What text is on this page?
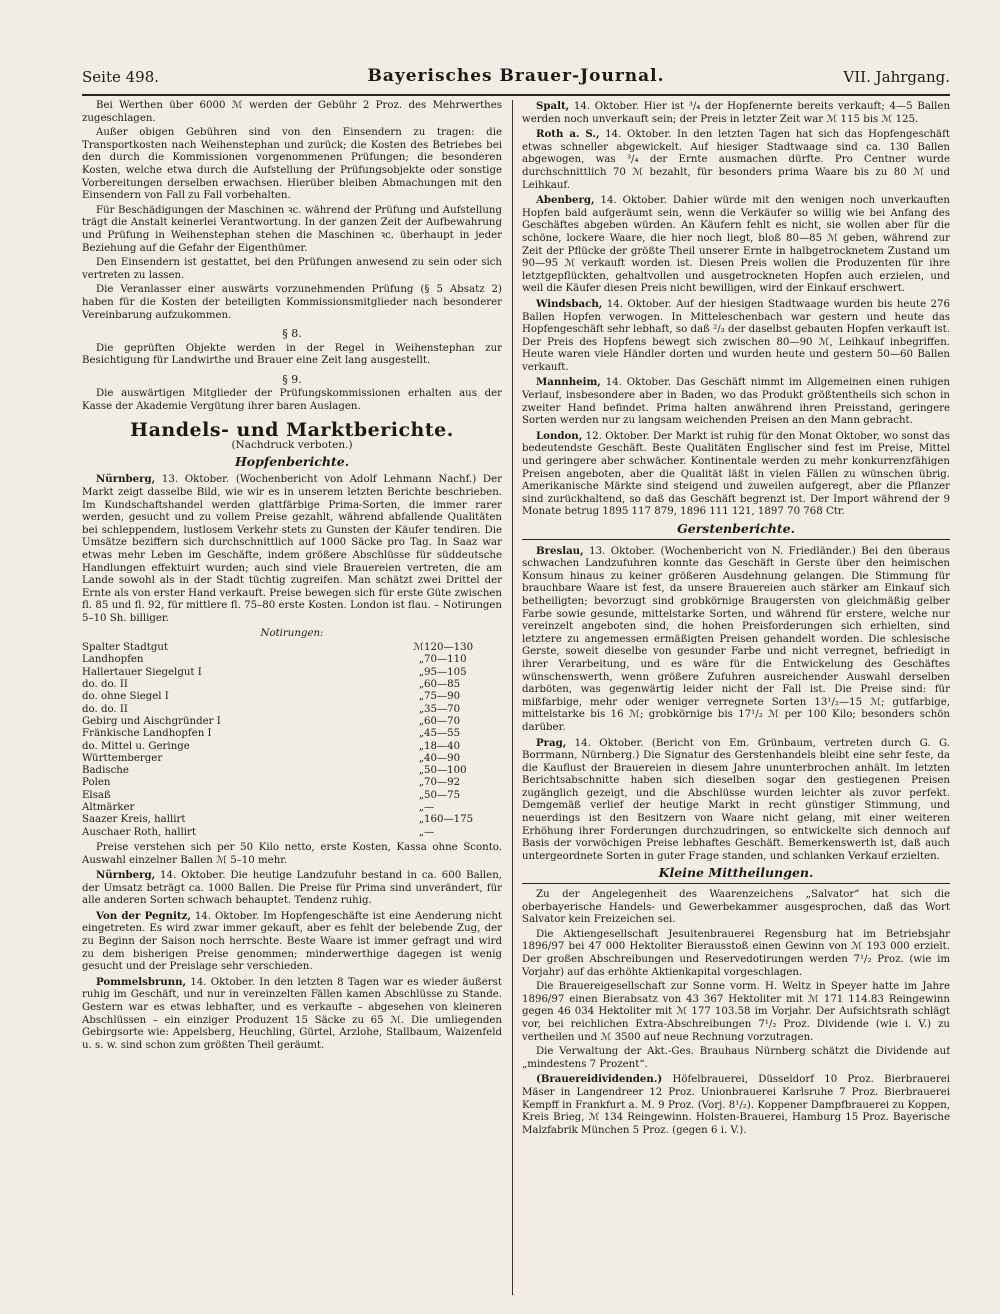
Seite 498.	Bayerisches Brauer-Journal.	VII. Jahrgang.

Bei Werthen über 6000 ℳ werden der Gebühr 2 Proz. des Mehrwerthes zugeschlagen.

Außer obigen Gebühren sind von den Einsendern zu tragen: die Transportkosten nach Weihenstephan und zurück; die Kosten des Betriebes bei den durch die Kommissionen vorgenommenen Prüfungen; die besonderen Kosten, welche etwa durch die Aufstellung der Prüfungsobjekte oder sonstige Vorbereitungen derselben erwachsen. Hierüber bleiben Abmachungen mit den Einsendern von Fall zu Fall vorbehalten.

Für Beschädigungen der Maschinen ꝛc. während der Prüfung und Aufstellung trägt die Anstalt keinerlei Verantwortung. In der ganzen Zeit der Aufbewahrung und Prüfung in Weihenstephan stehen die Maschinen ꝛc. überhaupt in jeder Beziehung auf die Gefahr der Eigenthümer.

Den Einsendern ist gestattet, bei den Prüfungen anwesend zu sein oder sich vertreten zu lassen.

Die Veranlasser einer auswärts vorzunehmenden Prüfung (§ 5 Absatz 2) haben für die Kosten der beteiligten Kommissionsmitglieder nach besonderer Vereinbarung aufzukommen.

§ 8.

Die geprüften Objekte werden in der Regel in Weihenstephan zur Besichtigung für Landwirthe und Brauer eine Zeit lang ausgestellt.

§ 9.

Die auswärtigen Mitglieder der Prüfungskommissionen erhalten aus der Kasse der Akademie Vergütung ihrer baren Auslagen.

Handels- und Marktberichte.
(Nachdruck verboten.)
Hopfenberichte.

Nürnberg, 13. Oktober. (Wochenbericht von Adolf Lehmann Nachf.) Der Markt zeigt dasselbe Bild, wie wir es in unserem letzten Berichte beschrieben. Im Kundschaftshandel werden glattfärbige Prima-Sorten, die immer rarer werden, gesucht und zu vollem Preise gezahlt, während abfallende Qualitäten bei schleppendem, lustlosem Verkehr stets zu Gunsten der Käufer tendiren. Die Umsätze beziffern sich durchschnittlich auf 1000 Säcke pro Tag. In Saaz war etwas mehr Leben im Geschäfte, indem größere Abschlüsse für süddeutsche Handlungen effektuirt wurden; auch sind viele Brauereien vertreten, die am Lande sowohl als in der Stadt tüchtig zugreifen. Man schätzt zwei Drittel der Ernte als von erster Hand verkauft. Preise bewegen sich für erste Güte zwischen fl. 85 und fl. 92, für mittlere fl. 75–80 erste Kosten. London ist flau. – Notirungen 5–10 Sh. billiger.

Notirungen:
Spalter Stadtgut	ℳ	120—130
Landhopfen	„	70—110
Hallertauer Siegelgut I	„	95—105
do. do. II	„	60—85
do. ohne Siegel I	„	75—90
do. do. II	„	35—70
Gebirg und Aischgründer I	„	60—70
Fränkische Landhopfen I	„	45—55
do. Mittel u. Geringe	„	18—40
Württemberger	„	40—90
Badische	„	50—100
Polen	„	70—92
Elsaß	„	50—75
Altmärker	„	—
Saazer Kreis, hallirt	„	160—175
Auschaer Roth, hallirt	„	—

Preise verstehen sich per 50 Kilo netto, erste Kosten, Kassa ohne Sconto. Auswahl einzelner Ballen ℳ 5–10 mehr.

Nürnberg, 14. Oktober. Die heutige Landzufuhr bestand in ca. 600 Ballen, der Umsatz beträgt ca. 1000 Ballen. Die Preise für Prima sind unverändert, für alle anderen Sorten schwach behauptet. Tendenz ruhig.

Von der Pegnitz, 14. Oktober. Im Hopfengeschäfte ist eine Aenderung nicht eingetreten. Es wird zwar immer gekauft, aber es fehlt der belebende Zug, der zu Beginn der Saison noch herrschte. Beste Waare ist immer gefragt und wird zu dem bisherigen Preise genommen; minderwerthige dagegen ist wenig gesucht und der Preislage sehr verschieden.

Pommelsbrunn, 14. Oktober. In den letzten 8 Tagen war es wieder äußerst ruhig im Geschäft, und nur in vereinzelten Fällen kamen Abschlüsse zu Stande. Gestern war es etwas lebhafter, und es verkaufte – abgesehen von kleineren Abschlüssen – ein einziger Produzent 15 Säcke zu 65 ℳ. Die umliegenden Gebirgsorte wie: Appelsberg, Heuchling, Gürtel, Arzlohe, Stallbaum, Waizenfeld u. s. w. sind schon zum größten Theil geräumt.

Spalt, 14. Oktober. Hier ist ³/₄ der Hopfenernte bereits verkauft; 4—5 Ballen werden noch unverkauft sein; der Preis in letzter Zeit war ℳ 115 bis ℳ 125.

Roth a. S., 14. Oktober. In den letzten Tagen hat sich das Hopfengeschäft etwas schneller abgewickelt. Auf hiesiger Stadtwaage sind ca. 130 Ballen abgewogen, was ³/₄ der Ernte ausmachen dürfte. Pro Centner wurde durchschnittlich 70 ℳ bezahlt, für besonders prima Waare bis zu 80 ℳ und Leihkauf.

Abenberg, 14. Oktober. Dahier würde mit den wenigen noch unverkauften Hopfen bald aufgeräumt sein, wenn die Verkäufer so willig wie bei Anfang des Geschäftes abgeben würden. An Käufern fehlt es nicht, sie wollen aber für die schöne, lockere Waare, die hier noch liegt, bloß 80—85 ℳ geben, während zur Zeit der Pflücke der größte Theil unserer Ernte in halbgetrocknetem Zustand um 90—95 ℳ verkauft worden ist. Diesen Preis wollen die Produzenten für ihre letztgepflückten, gehaltvollen und ausgetrockneten Hopfen auch erzielen, und weil die Käufer diesen Preis nicht bewilligen, wird der Einkauf erschwert.

Windsbach, 14. Oktober. Auf der hiesigen Stadtwaage wurden bis heute 276 Ballen Hopfen verwogen. In Mitteleschenbach war gestern und heute das Hopfengeschäft sehr lebhaft, so daß ²/₃ der daselbst gebauten Hopfen verkauft ist. Der Preis des Hopfens bewegt sich zwischen 80—90 ℳ, Leihkauf inbegriffen. Heute waren viele Händler dorten und wurden heute und gestern 50—60 Ballen verkauft.

Mannheim, 14. Oktober. Das Geschäft nimmt im Allgemeinen einen ruhigen Verlauf, insbesondere aber in Baden, wo das Produkt größtentheils sich schon in zweiter Hand befindet. Prima halten anwährend ihren Preisstand, geringere Sorten werden nur zu langsam weichenden Preisen an den Mann gebracht.

London, 12. Oktober. Der Markt ist ruhig für den Monat Oktober, wo sonst das bedeutendste Geschäft. Beste Qualitäten Englischer sind fest im Preise, Mittel und geringere aber schwächer. Kontinentale werden zu mehr konkurrenzfähigen Preisen angeboten, aber die Qualität läßt in vielen Fällen zu wünschen übrig. Amerikanische Märkte sind steigend und zuweilen aufgeregt, aber die Pflanzer sind zurückhaltend, so daß das Geschäft begrenzt ist. Der Import während der 9 Monate betrug 1895 117 879, 1896 111 121, 1897 70 768 Ctr.

Gerstenberichte.

Breslau, 13. Oktober. (Wochenbericht von N. Friedländer.) Bei den überaus schwachen Landzufuhren konnte das Geschäft in Gerste über den heimischen Konsum hinaus zu keiner größeren Ausdehnung gelangen. Die Stimmung für brauchbare Waare ist fest, da unsere Brauereien auch stärker am Einkauf sich betheiligten; bevorzugt sind grobkörnige Braugersten von gleichmäßig gelber Farbe sowie gesunde, mittelstarke Sorten, und während für erstere, welche nur vereinzelt angeboten sind, die hohen Preisforderungen sich erhielten, sind letztere zu angemessen ermäßigten Preisen gehandelt worden. Die schlesische Gerste, soweit dieselbe von gesunder Farbe und nicht verregnet, befriedigt in ihrer Verarbeitung, und es wäre für die Entwickelung des Geschäftes wünschenswerth, wenn größere Zufuhren ausreichender Auswahl derselben darböten, was gegenwärtig leider nicht der Fall ist. Die Preise sind: für mißfarbige, mehr oder weniger verregnete Sorten 13¹/₂—15 ℳ; gutfarbige, mittelstarke bis 16 ℳ; grobkörnige bis 17¹/₂ ℳ per 100 Kilo; besonders schön darüber.

Prag, 14. Oktober. (Bericht von Em. Grünbaum, vertreten durch G. G. Borrmann, Nürnberg.) Die Signatur des Gerstenhandels bleibt eine sehr feste, da die Kauflust der Brauereien in diesem Jahre ununterbrochen anhält. Im letzten Berichtsabschnitte haben sich dieselben sogar den gestiegenen Preisen zugänglich gezeigt, und die Abschlüsse wurden leichter als zuvor perfekt. Demgemäß verlief der heutige Markt in recht günstiger Stimmung, und neuerdings ist den Besitzern von Waare nicht gelang, mit einer weiteren Erhöhung ihrer Forderungen durchzudringen, so entwickelte sich dennoch auf Basis der vorwöchigen Preise lebhaftes Geschäft. Bemerkenswerth ist, daß auch untergeordnete Sorten in guter Frage standen, und schlanken Verkauf erzielten.

Kleine Mittheilungen.

Zu der Angelegenheit des Waarenzeichens „Salvator“ hat sich die oberbayerische Handels- und Gewerbekammer ausgesprochen, daß das Wort Salvator kein Freizeichen sei.

Die Aktiengesellschaft Jesuitenbrauerei Regensburg hat im Betriebsjahr 1896/97 bei 47 000 Hektoliter Bierausstoß einen Gewinn von ℳ 193 000 erzielt. Der großen Abschreibungen und Reservedotirungen werden 7¹/₂ Proz. (wie im Vorjahr) auf das erhöhte Aktienkapital vorgeschlagen.

Die Brauereigesellschaft zur Sonne vorm. H. Weltz in Speyer hatte im Jahre 1896/97 einen Bierabsatz von 43 367 Hektoliter mit ℳ 171 114.83 Reingewinn gegen 46 034 Hektoliter mit ℳ 177 103.58 im Vorjahr. Der Aufsichtsrath schlägt vor, bei reichlichen Extra-Abschreibungen 7¹/₂ Proz. Dividende (wie i. V.) zu vertheilen und ℳ 3500 auf neue Rechnung vorzutragen.

Die Verwaltung der Akt.-Ges. Brauhaus Nürnberg schätzt die Dividende auf „mindestens 7 Prozent“.

(Brauereidividenden.) Höfelbrauerei, Düsseldorf 10 Proz. Bierbrauerei Mäser in Langendreer 12 Proz. Unionbrauerei Karlsruhe 7 Proz. Bierbrauerei Kempff in Frankfurt a. M. 9 Proz. (Vorj. 8¹/₂). Koppener Dampfbrauerei zu Koppen, Kreis Brieg, ℳ 134 Reingewinn. Holsten-Brauerei, Hamburg 15 Proz. Bayerische Malzfabrik München 5 Proz. (gegen 6 i. V.).
